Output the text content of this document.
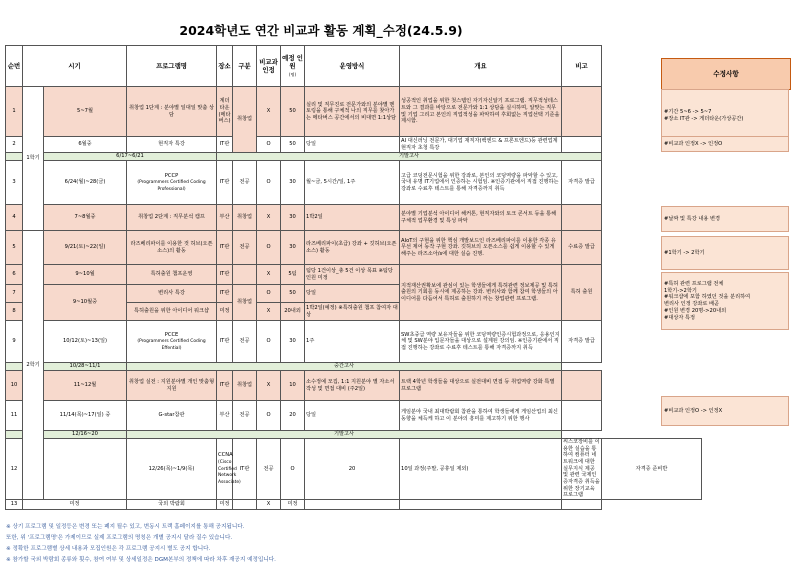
2024학년도 연간 비교과 활동 계획_수정(24.5.9)
순번	시기		프로그램명	장소	구분	비교과 인정	예정 인원
(명)	운영방식	개요	비고	
1	1학기	5~7월	취창업 1단계 : 분야별 일대일 맞춤 상담	계더타운 (메타버스)	취창업	X	50	실리 및 직무진로 전문가와의 분야별 멘토링을 통해 구체적 나의 직무를 찾아가는 메타버스 공간에서의 비대면 1:1상담	성공적인 취업을 위한 첫스텝인 자기자신알기 프로그램. 직무적성테스트와 그 결과를 바탕으로 전문가와 1:1 상담을 실시하며, 알맞는 직무 및 기업 그리고 본인의 직업적성을 파악하여 후회없는 직업선택 기준을 제시함.		
2		6월중	현직자 특강	IT관		O	50	당일	AI 대신러닝 전문가, 대기업 재직자(백엔드 & 프론트엔드)등 관련업계 현직자 초청 특강		
		6/17~6/21		기말고사							
3		6/24(월)~28(금)	PCCP
(Programmers Certified Coding Professional)	IT관	전공	O	30	월~금, 5시간/일, 1주	고급 코딩전문시험을 위한 강좌로, 본인의 코딩역량을 파악할 수 있고, 국내 유명 IT기업에서 인증하는 시험임. ※인증기관에서 직접 진행하는 강좌로 수료후 테스트를 통해 자격증까지 취득	자격증 발급	
4		7~8월중	취창업 2단계 : 직무분석 캠프	부산	취창업	X	30	1박2일	분야별 기업분석 아이디어 해커톤, 현직자와의 토크 콘서트 등을 통해 구체적 업무환경 및 특성 파악		
5	2학기	9/21(토)~22(일)	라즈베리파이를 이용한 것 허브(오픈소스)의 활동	IT관	전공	O	30	라즈베리파이(초급) 강좌 + 깃허브(오픈소스) 활동	AIoT의 구현을 위한 핵심 개발보드인 라즈베리파이를 이용한 각종 유무선 제어 동작 구현 강좌. 깃허브의 오픈소스를 쉽게 이용할 수 있게 해주는 라즈소아/s에 대한 실습 진행.	수료증 발급	
6		9~10월	특허출원 챔프운영	IT관		X	5팀	팀당 1건이상_총 5건 이상 목표 ※팀당 인원 미정	지적재산권확보에 관심이 있는 학생들에게 특허관련 정보제공 및 특허 출원의 기회를 동시에 제공하는 강좌. 변리사와 함께 참여 학생들의 아이디어를 다듬어서 특허로 출원하기 까는 창업관련 프로그램.	특허 출원	
7		9~10월중	변리사 특강	IT관	취창업	O	50	당일			
8			특허출원을 위한 아이디어 워크샵	미정		X	20내외	1박2일(예정) ※특허출원 챔프 참여자 대상			
9		10/12(토)~13(일)	PCCE
(Programmers Certified Coding Effential)	IT관	전공	O	30	1주	SW초중급 역량 보유자들을 위한 코딩역량인증시험과정으로, 응용인지체 및 SW분야 입문자들을 대상으로 설계된 강의임. ※인증기관에서 직접 진행하는 강좌로 수료후 테스트를 통해 자격증까지 취득	자격증 발급	
		10/28~11/1	중간고사								
10		11~12월	취창업 실전 : 지원분야별 개인 맞춤형 지원	IT관	취창업	X	10	소수정예 모집, 1:1 지원분야 별 자소서 작성 및 면접 대비 (주2일)	트랙 4학년 학생들을 대상으로 실전대비 면접 등 취업역량 강화 특별 프로그램		
11		11/14(목)~17(일) 중	G-star참관	부산	전공	O	20	당일	게임분야 국내 최대박람회 참관을 통하여 학생들에게 게임산업의 최신동향을 체득케 하고 이 분야의 흥미를 제고하기 위한 행사		
		12/16~20	기말고사								
12			12/26(목)~1/9(목)	CCNA
(Cisco Certified Network Associate)	IT관	전공	O	20	10일 과정(주말, 공휴일 제외)	씨스코장비를 이용한 실습을 통하여 컴퓨터 네트워크에 대한 실무지식 제공 및 관련 국제인증자격증 취득을 위한 장기교육 프로그램	자격증 준비반
13	미정		국외 박람회	미정		X	미정				
※ 상기 프로그램 및 일정등은 변경 또는 폐지 될수 있고, 변동시 트랙 홈페이지를 통해 공지됩니다.
또한, 위 '프로그램명'은 가제이므로 실제 프로그램의 명칭은 개별 공지시 달라 질수 있습니다.
※ 정확한 프로그램별 상세 내용과 모집인원은 각 프로그램 공지시 별도 공지 합니다.
※ 참가할 국외 박람회 종류와 횟수, 참여 여부 및 상세일정은 DGM본부의 정책에 따라 차후 재공지 예정입니다.
수정사항
#기간 5~6 -> 5~7
#장소 IT관 -> 게더타운(가상공간)
#비교과 인정X -> 인정O
#날짜 및 특강 내용 변경
#1학기 -> 2학기
#특허 관련 프로그램 전체
1학기->2학기
#워크샵에 포함 하였던 것을 분리하여
변리사 인정 강좌로 배곧
#인원 변경 20명->20내외
#대상자 특정
#비교과 인정O -> 인정X
